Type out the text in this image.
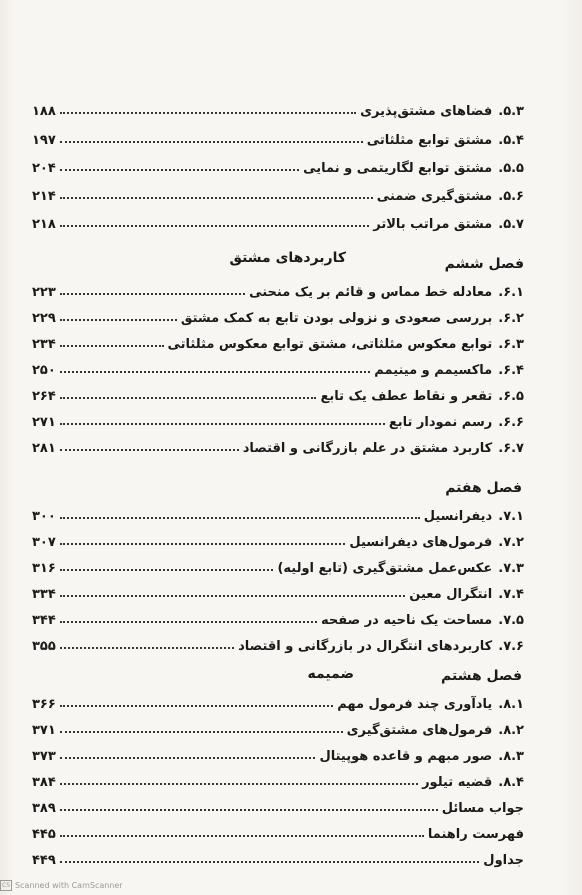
۵.۳.
فضاهای مشتق‌پذیری
۱۸۸
۵.۴.
مشتق توابع مثلثاتی
۱۹۷
۵.۵.
مشتق توابع لگاریتمی و نمایی
۲۰۴
۵.۶.
مشتق‌گیری ضمنی
۲۱۴
۵.۷.
مشتق مراتب بالاتر
۲۱۸
فصل ششم
کاربردهای مشتق
۶.۱.
معادله خط مماس و قائم بر یک منحنی
۲۲۳
۶.۲.
بررسی صعودی و نزولی بودن تابع به کمک مشتق
۲۲۹
۶.۳.
توابع معکوس مثلثاتی، مشتق توابع معکوس مثلثاتی
۲۳۴
۶.۴.
ماکسیمم و مینیمم
۲۵۰
۶.۵.
تقعر و نقاط عطف یک تابع
۲۶۴
۶.۶.
رسم نمودار تابع
۲۷۱
۶.۷.
کاربرد مشتق در علم بازرگانی و اقتصاد
۲۸۱
فصل هفتم
۷.۱.
دیفرانسیل
۳۰۰
۷.۲.
فرمول‌های دیفرانسیل
۳۰۷
۷.۳.
عکس‌عمل مشتق‌گیری (تابع اولیه)
۳۱۶
۷.۴.
انتگرال معین
۳۳۴
۷.۵.
مساحت یک ناحیه در صفحه
۳۴۴
۷.۶.
کاربردهای انتگرال در بازرگانی و اقتصاد
۳۵۵
فصل هشتم
ضمیمه
۸.۱.
یادآوری چند فرمول مهم
۳۶۶
۸.۲.
فرمول‌های مشتق‌گیری
۳۷۱
۸.۳.
صور مبهم و قاعده هوپیتال
۳۷۳
۸.۴.
قضیه تیلور
۳۸۴
جواب مسائل
۳۸۹
فهرست راهنما
۴۴۵
جداول
۴۴۹
CS Scanned with CamScanner
